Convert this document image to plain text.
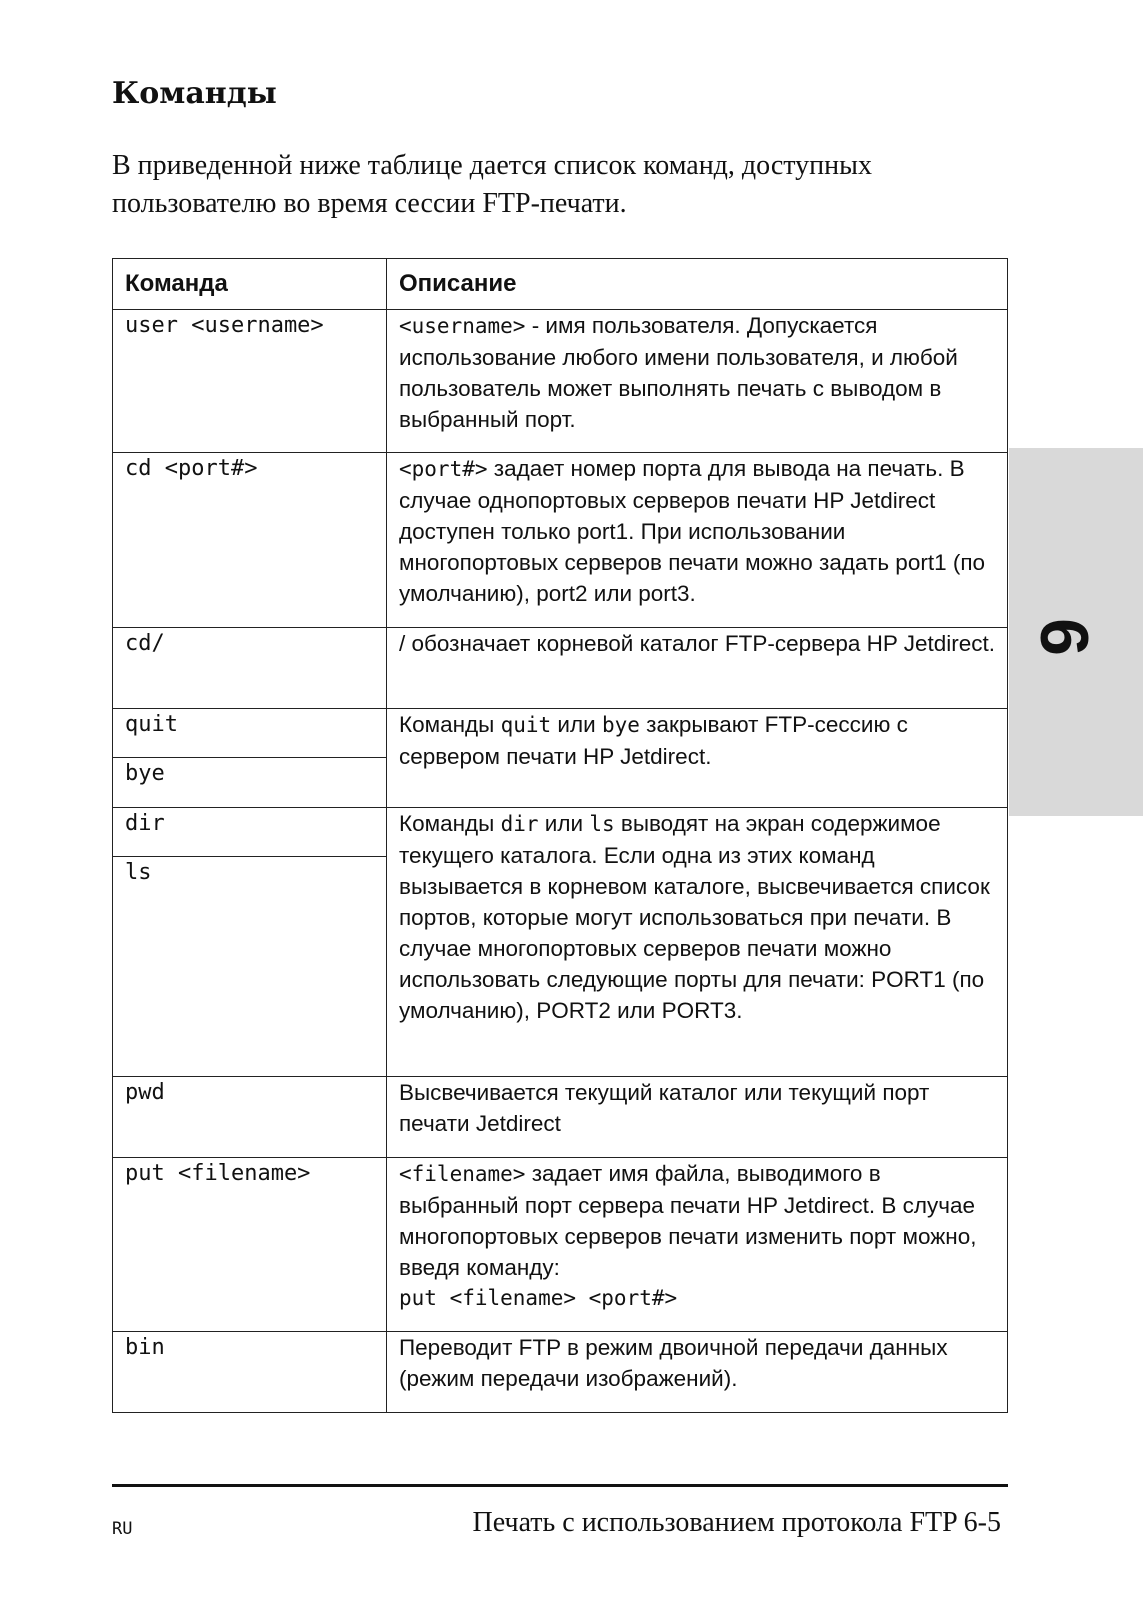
Команды
В приведенной ниже таблице дается список команд, доступных пользователю во время сессии FTP-печати.
Команда	Описание
user <username>	<username> - имя пользователя. Допускается использование любого имени пользователя, и любой пользователь может выполнять печать с выводом в выбранный порт.
cd <port#>	<port#> задает номер порта для вывода на печать. В случае однопортовых серверов печати HP Jetdirect доступен только port1. При использовании многопортовых серверов печати можно задать port1 (по умолчанию), port2 или port3.
cd/	/ обозначает корневой каталог FTP-сервера HP Jetdirect.
quit	Команды quit или bye закрывают FTP-сессию с сервером печати HP Jetdirect.
bye	
dir	Команды dir или ls выводят на экран содержимое текущего каталога. Если одна из этих команд вызывается в корневом каталоге, высвечивается список портов, которые могут использоваться при печати. В случае многопортовых серверов печати можно использовать следующие порты для печати: PORT1 (по умолчанию), PORT2 или PORT3.
ls	
pwd	Высвечивается текущий каталог или текущий порт печати Jetdirect
put <filename>	<filename> задает имя файла, выводимого в выбранный порт сервера печати HP Jetdirect. В случае многопортовых серверов печати изменить порт можно, введя команду:
put <filename> <port#>

bin	Переводит FTP в режим двоичной передачи данных (режим передачи изображений).
6
RU	Печать с использованием протокола FTP 6-5
